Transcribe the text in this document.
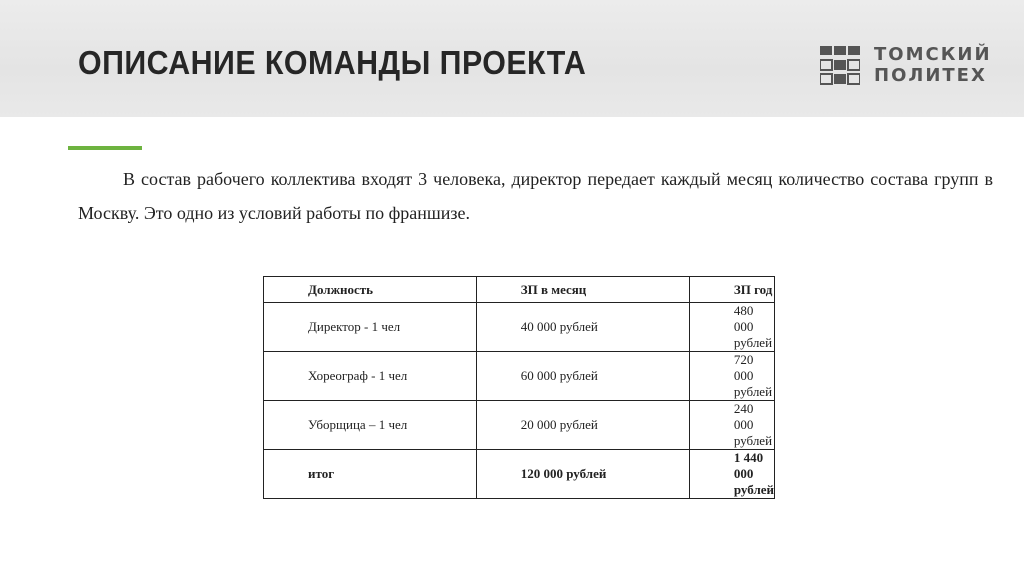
ОПИСАНИЕ КОМАНДЫ ПРОЕКТА	ТОМСКИЙ
ПОЛИТЕХ
В состав рабочего коллектива входят 3 человека, директор передает каждый месяц количество состава групп в Москву. Это одно из условий работы по франшизе.
Должность	ЗП в месяц	ЗП год
Директор - 1 чел	40 000 рублей	480 000 рублей
Хореограф - 1 чел	60 000 рублей	720 000 рублей
Уборщица – 1 чел	20 000 рублей	240 000 рублей
итог	120 000 рублей	1 440 000 рублей
